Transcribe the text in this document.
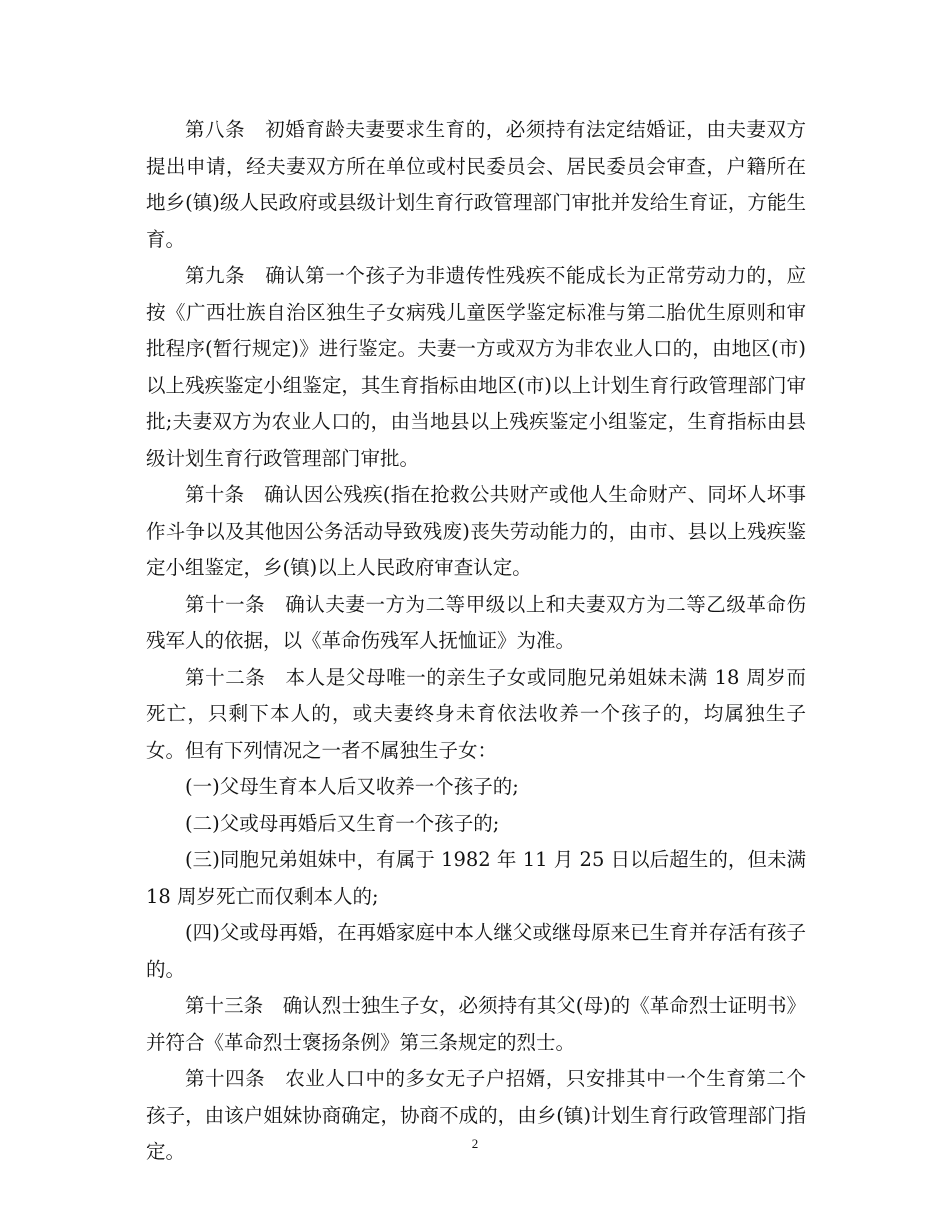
第八条　初婚育龄夫妻要求生育的，必须持有法定结婚证，由夫妻双方提出申请，经夫妻双方所在单位或村民委员会、居民委员会审查，户籍所在地乡(镇)级人民政府或县级计划生育行政管理部门审批并发给生育证，方能生育。

第九条　确认第一个孩子为非遗传性残疾不能成长为正常劳动力的，应按《广西壮族自治区独生子女病残儿童医学鉴定标准与第二胎优生原则和审批程序(暂行规定)》进行鉴定。夫妻一方或双方为非农业人口的，由地区(市)以上残疾鉴定小组鉴定，其生育指标由地区(市)以上计划生育行政管理部门审批;夫妻双方为农业人口的，由当地县以上残疾鉴定小组鉴定，生育指标由县级计划生育行政管理部门审批。

第十条　确认因公残疾(指在抢救公共财产或他人生命财产、同坏人坏事作斗争以及其他因公务活动导致残废)丧失劳动能力的，由市、县以上残疾鉴定小组鉴定，乡(镇)以上人民政府审查认定。

第十一条　确认夫妻一方为二等甲级以上和夫妻双方为二等乙级革命伤残军人的依据，以《革命伤残军人抚恤证》为准。

第十二条　本人是父母唯一的亲生子女或同胞兄弟姐妹未满 18 周岁而死亡，只剩下本人的，或夫妻终身未育依法收养一个孩子的，均属独生子女。但有下列情况之一者不属独生子女：

(一)父母生育本人后又收养一个孩子的;

(二)父或母再婚后又生育一个孩子的;

(三)同胞兄弟姐妹中，有属于 1982 年 11 月 25 日以后超生的，但未满 18 周岁死亡而仅剩本人的;

(四)父或母再婚，在再婚家庭中本人继父或继母原来已生育并存活有孩子的。

第十三条　确认烈士独生子女，必须持有其父(母)的《革命烈士证明书》并符合《革命烈士褒扬条例》第三条规定的烈士。

第十四条　农业人口中的多女无子户招婿，只安排其中一个生育第二个孩子，由该户姐妹协商确定，协商不成的，由乡(镇)计划生育行政管理部门指定。	2
